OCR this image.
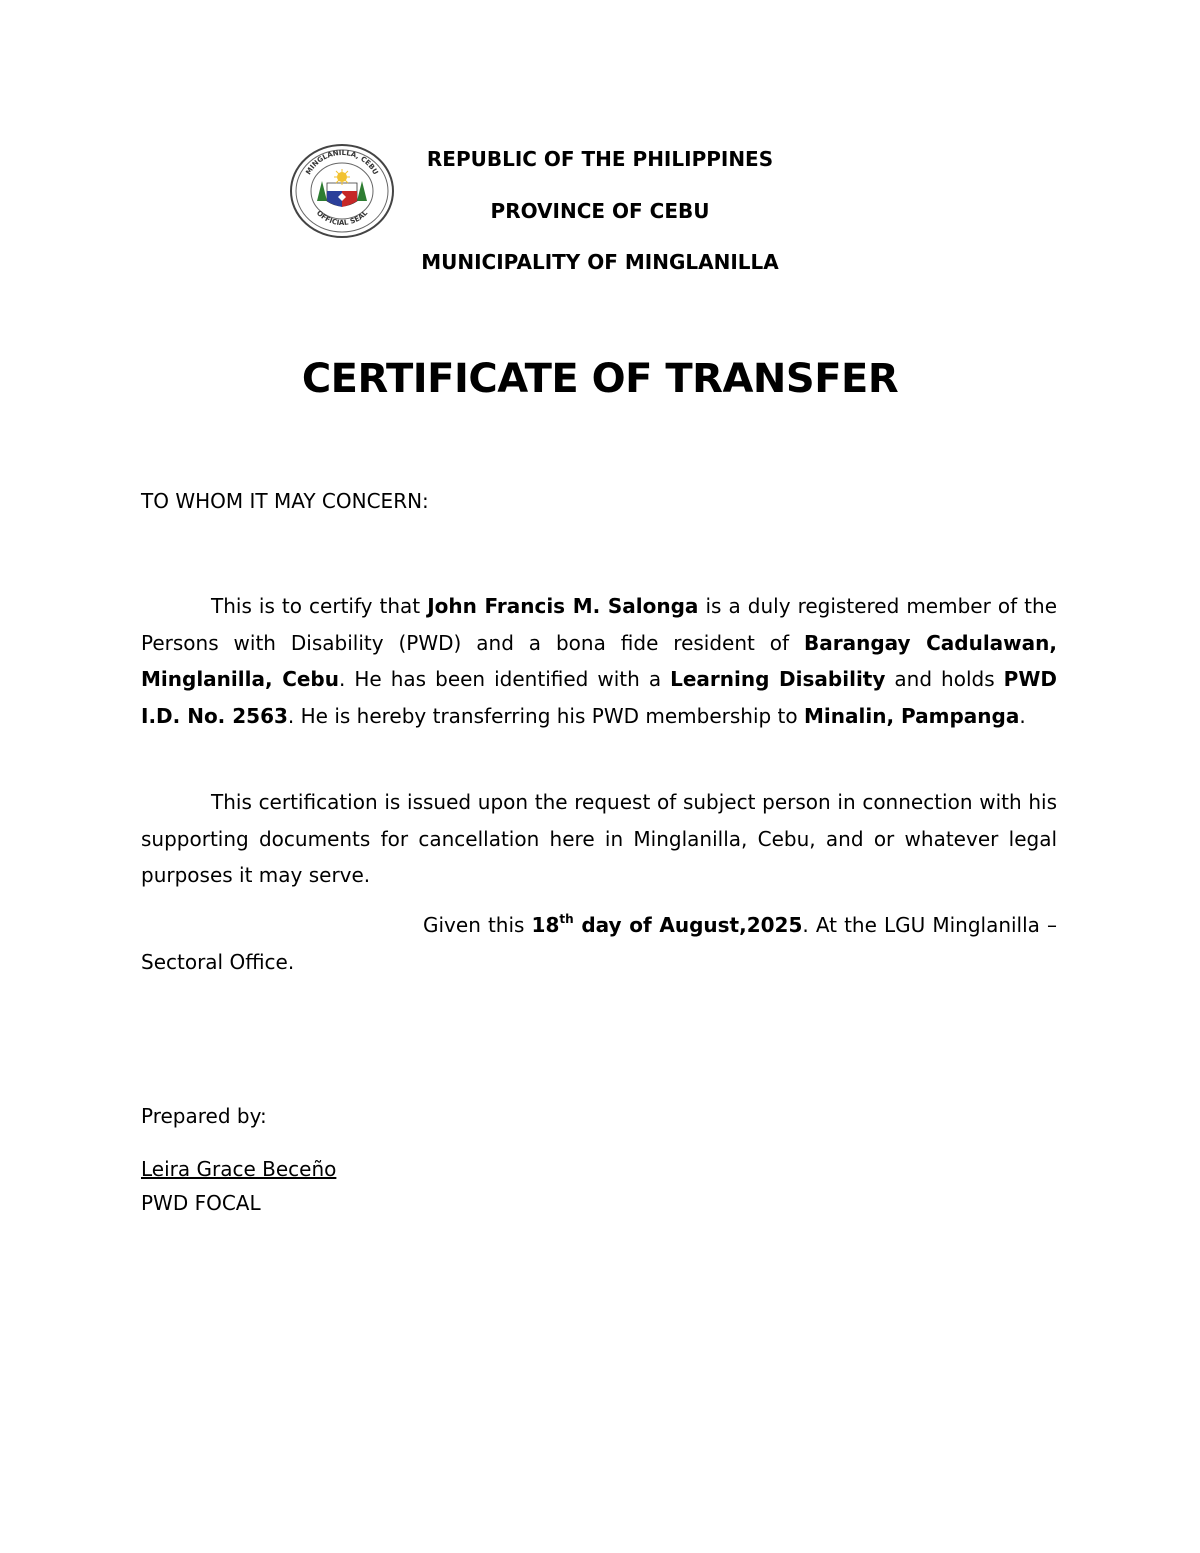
MINGLANILLA, CEBU
OFFICIAL SEAL
REPUBLIC OF THE PHILIPPINES
PROVINCE OF CEBU
MUNICIPALITY OF MINGLANILLA
CERTIFICATE OF TRANSFER
TO WHOM IT MAY CONCERN:

This is to certify that John Francis M. Salonga is a duly registered member of the Persons with Disability (PWD) and a bona fide resident of Barangay Cadulawan, Minglanilla, Cebu. He has been identified with a Learning Disability and holds PWD I.D. No. 2563. He is hereby transferring his PWD membership to Minalin, Pampanga.

This certification is issued upon the request of subject person in connection with his supporting documents for cancellation here in Minglanilla, Cebu, and or whatever legal purposes it may serve.

Given this 18th day of August,2025. At the LGU Minglanilla – Sectoral Office.

Prepared by:
Leira Grace Beceño
PWD FOCAL
